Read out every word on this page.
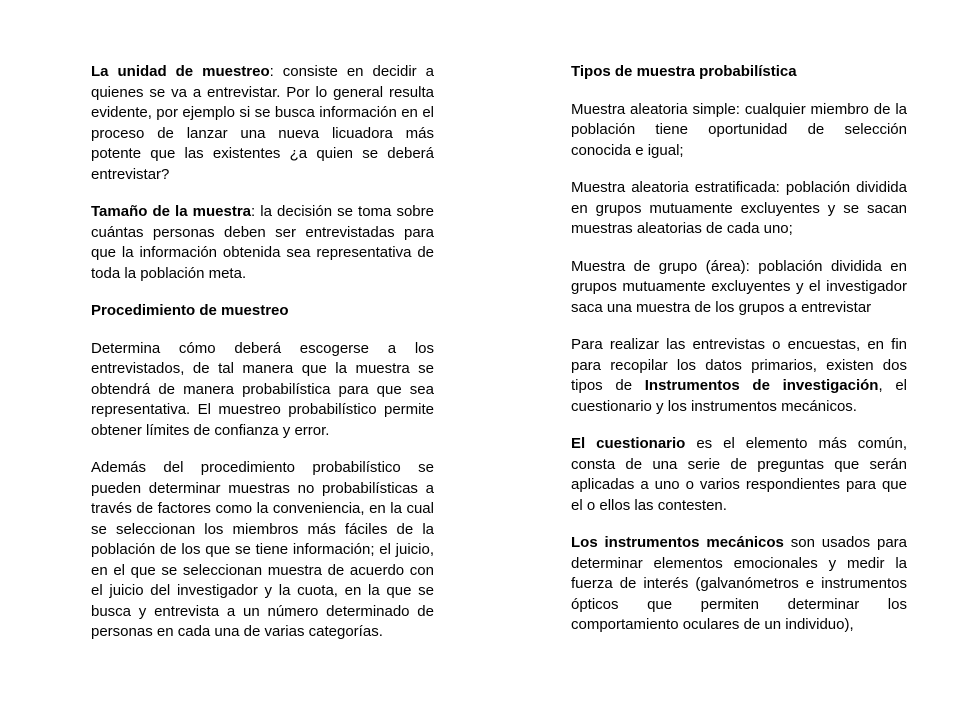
La unidad de muestreo: consiste en decidir a quienes se va a entrevistar. Por lo general resulta evidente, por ejemplo si se busca información en el proceso de lanzar una nueva licuadora más potente que las existentes ¿a quien se deberá entrevistar?

Tamaño de la muestra: la decisión se toma sobre cuántas personas deben ser entrevistadas para que la información obtenida sea representativa de toda la población meta.

Procedimiento de muestreo

Determina cómo deberá escogerse a los entrevistados, de tal manera que la muestra se obtendrá de manera probabilística para que sea representativa. El muestreo probabilístico permite obtener límites de confianza y error.

Además del procedimiento probabilístico se pueden determinar muestras no probabilísticas a través de factores como la conveniencia, en la cual se seleccionan los miembros más fáciles de la población de los que se tiene información; el juicio, en el que se seleccionan muestra de acuerdo con el juicio del investigador y la cuota, en la que se busca y entrevista a un número determinado de personas en cada una de varias categorías.

Tipos de muestra probabilística

Muestra aleatoria simple: cualquier miembro de la población tiene oportunidad de selección conocida e igual;

Muestra aleatoria estratificada: población dividida en grupos mutuamente excluyentes y se sacan muestras aleatorias de cada uno;

Muestra de grupo (área): población dividida en grupos mutuamente excluyentes y el investigador saca una muestra de los grupos a entrevistar

Para realizar las entrevistas o encuestas, en fin para recopilar los datos primarios, existen dos tipos de Instrumentos de investigación, el cuestionario y los instrumentos mecánicos.

El cuestionario es el elemento más común, consta de una serie de preguntas que serán aplicadas a uno o varios respondientes para que el o ellos las contesten.

Los instrumentos mecánicos son usados para determinar elementos emocionales y medir la fuerza de interés (galvanómetros e instrumentos ópticos que permiten determinar los comportamiento oculares de un individuo),
